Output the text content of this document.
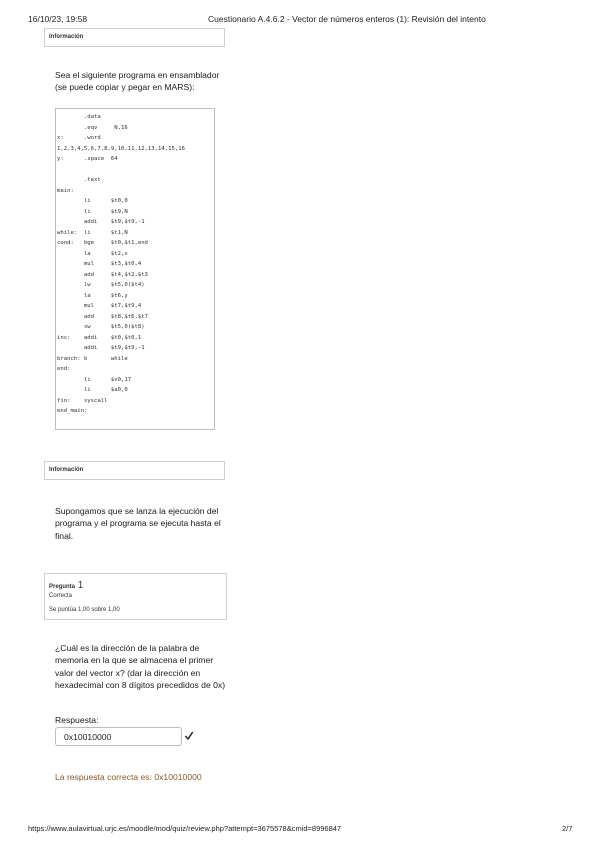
16/10/23, 19:58	Cuestionario A.4.6.2 - Vector de números enteros (1): Revisión del intento
Información
Sea el siguiente programa en ensamblador (se puede copiar y pegar en MARS):
.data
.eqv     N,16
x:      .word
1,2,3,4,5,6,7,8,9,10,11,12,13,14,15,16
y:      .space  64

.text
main:
li      $t0,0
li      $t9,N
addi    $t9,$t9,-1
while:  li      $t1,N
cond:   bge     $t0,$t1,end
la      $t2,x
mul     $t3,$t0,4
add     $t4,$t2,$t3
lw      $t5,0($t4)
la      $t6,y
mul     $t7,$t9,4
add     $t8,$t6,$t7
sw      $t5,0($t8)
inc:    addi    $t0,$t0,1
addi    $t9,$t9,-1
branch: b       while
end:
li      $v0,17
li      $a0,0
fin:    syscall
end_main:
Información
Supongamos que se lanza la ejecución del programa y el programa se ejecuta hasta el final.
Pregunta 1
Correcta
Se puntúa 1,00 sobre 1,00
¿Cuál es la dirección de la palabra de memoria en la que se almacena el primer valor del vector x? (dar la dirección en hexadecimal con 8 dígitos precedidos de 0x)
Respuesta:
0x10010000
La respuesta correcta es: 0x10010000
https://www.aulavirtual.urjc.es/moodle/mod/quiz/review.php?attempt=3675578&cmid=8996847	2/7
